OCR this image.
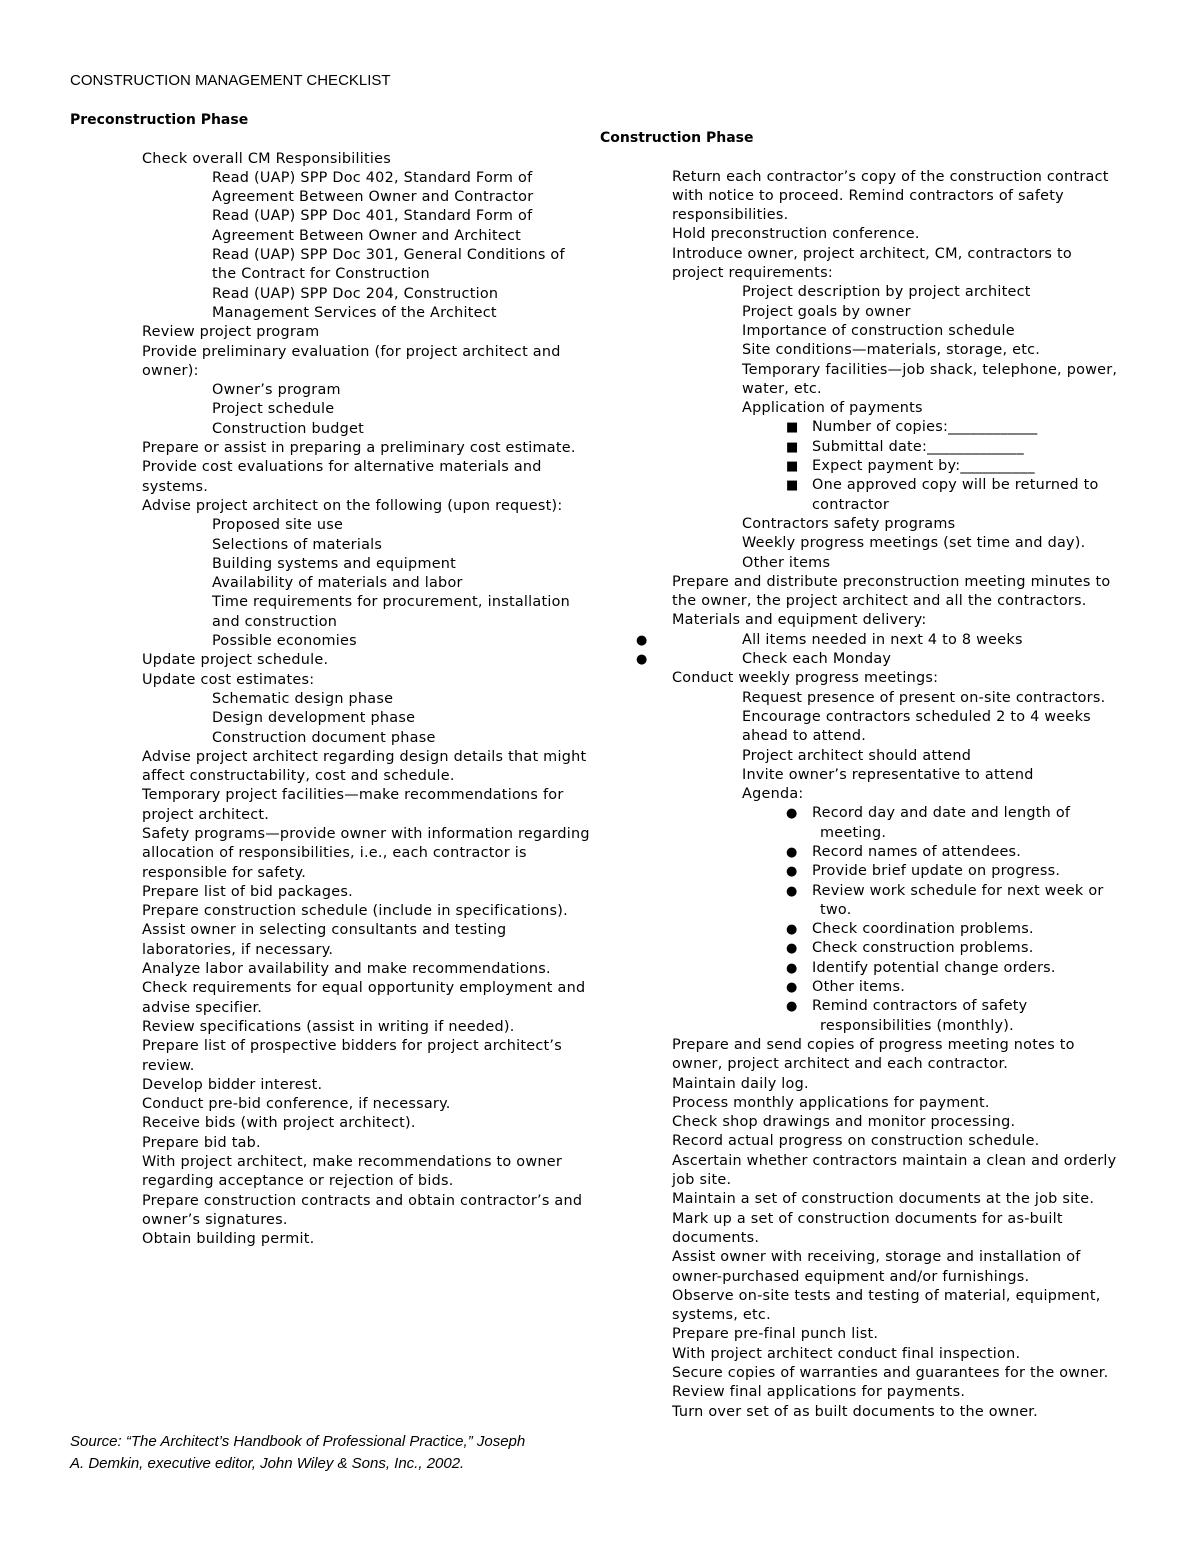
CONSTRUCTION MANAGEMENT CHECKLIST
Preconstruction Phase
Check overall CM Responsibilities
Read (UAP) SPP Doc 402, Standard Form of
Agreement Between Owner and Contractor
Read (UAP) SPP Doc 401, Standard Form of
Agreement Between Owner and Architect
Read (UAP) SPP Doc 301, General Conditions of
the Contract for Construction
Read (UAP) SPP Doc 204, Construction
Management Services of the Architect
Review project program
Provide preliminary evaluation (for project architect and
owner):
Owner’s program
Project schedule
Construction budget
Prepare or assist in preparing a preliminary cost estimate.
Provide cost evaluations for alternative materials and
systems.
Advise project architect on the following (upon request):
Proposed site use
Selections of materials
Building systems and equipment
Availability of materials and labor
Time requirements for procurement, installation
and construction
Possible economies
Update project schedule.
Update cost estimates:
Schematic design phase
Design development phase
Construction document phase
Advise project architect regarding design details that might
affect constructability, cost and schedule.
Temporary project facilities—make recommendations for
project architect.
Safety programs—provide owner with information regarding
allocation of responsibilities, i.e., each contractor is
responsible for safety.
Prepare list of bid packages.
Prepare construction schedule (include in specifications).
Assist owner in selecting consultants and testing
laboratories, if necessary.
Analyze labor availability and make recommendations.
Check requirements for equal opportunity employment and
advise specifier.
Review specifications (assist in writing if needed).
Prepare list of prospective bidders for project architect’s
review.
Develop bidder interest.
Conduct pre-bid conference, if necessary.
Receive bids (with project architect).
Prepare bid tab.
With project architect, make recommendations to owner
regarding acceptance or rejection of bids.
Prepare construction contracts and obtain contractor’s and
owner’s signatures.
Obtain building permit.
Construction Phase
Return each contractor’s copy of the construction contract
with notice to proceed. Remind contractors of safety
responsibilities.
Hold preconstruction conference.
Introduce owner, project architect, CM, contractors to
project requirements:
Project description by project architect
Project goals by owner
Importance of construction schedule
Site conditions—materials, storage, etc.
Temporary facilities—job shack, telephone, power,
water, etc.
Application of payments
■ Number of copies:____________
■ Submittal date:_____________
■ Expect payment by:__________
■ One approved copy will be returned to
contractor
Contractors safety programs
Weekly progress meetings (set time and day).
Other items
Prepare and distribute preconstruction meeting minutes to
the owner, the project architect and all the contractors.
Materials and equipment delivery:
●	All items needed in next 4 to 8 weeks
●	Check each Monday
Conduct weekly progress meetings:
Request presence of present on-site contractors.
Encourage contractors scheduled 2 to 4 weeks
ahead to attend.
Project architect should attend
Invite owner’s representative to attend
Agenda:
● Record day and date and length of
meeting.
● Record names of attendees.
● Provide brief update on progress.
● Review work schedule for next week or
two.
● Check coordination problems.
● Check construction problems.
● Identify potential change orders.
● Other items.
● Remind contractors of safety
responsibilities (monthly).
Prepare and send copies of progress meeting notes to
owner, project architect and each contractor.
Maintain daily log.
Process monthly applications for payment.
Check shop drawings and monitor processing.
Record actual progress on construction schedule.
Ascertain whether contractors maintain a clean and orderly
job site.
Maintain a set of construction documents at the job site.
Mark up a set of construction documents for as-built
documents.
Assist owner with receiving, storage and installation of
owner-purchased equipment and/or furnishings.
Observe on-site tests and testing of material, equipment,
systems, etc.
Prepare pre-final punch list.
With project architect conduct final inspection.
Secure copies of warranties and guarantees for the owner.
Review final applications for payments.
Turn over set of as built documents to the owner.
Source: “The Architect’s Handbook of Professional Practice,” Joseph
A. Demkin, executive editor, John Wiley & Sons, Inc., 2002.
